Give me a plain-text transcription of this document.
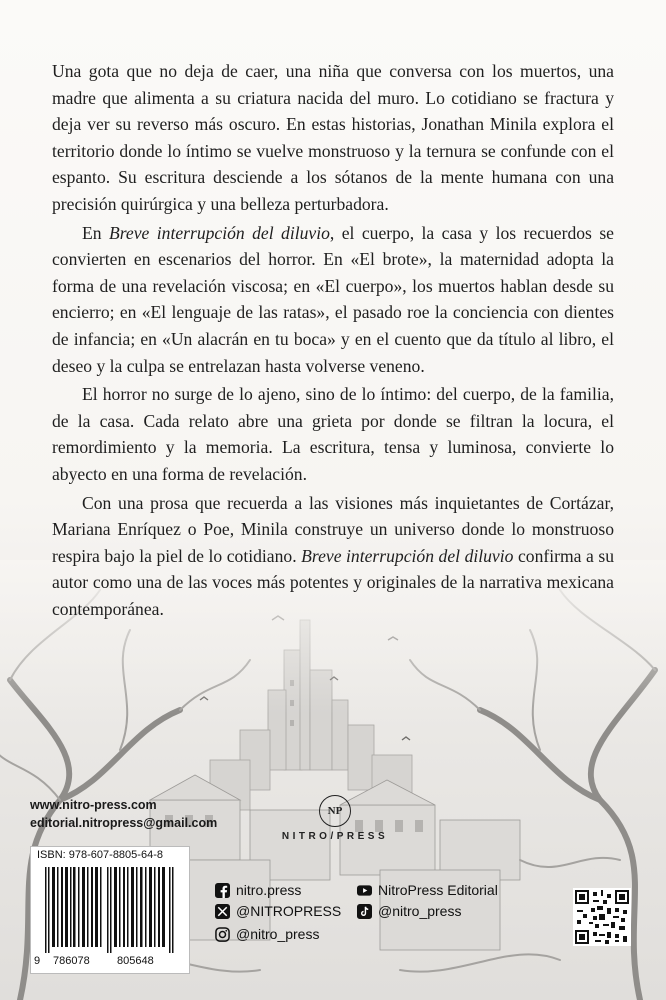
Una gota que no deja de caer, una niña que conversa con los muertos, una madre que alimenta a su criatura nacida del muro. Lo cotidiano se fractura y deja ver su reverso más oscuro. En estas historias, Jonathan Minila explora el territorio donde lo íntimo se vuelve monstruoso y la ternura se confunde con el espanto. Su escritura desciende a los sótanos de la mente humana con una precisión quirúrgica y una belleza perturbadora.

En Breve interrupción del diluvio, el cuerpo, la casa y los recuerdos se convierten en escenarios del horror. En «El brote», la maternidad adopta la forma de una revelación viscosa; en «El cuerpo», los muertos hablan desde su encierro; en «El lenguaje de las ratas», el pasado roe la conciencia con dientes de infancia; en «Un alacrán en tu boca» y en el cuento que da título al libro, el deseo y la culpa se entrelazan hasta volverse veneno.

El horror no surge de lo ajeno, sino de lo íntimo: del cuerpo, de la familia, de la casa. Cada relato abre una grieta por donde se filtran la locura, el remordimiento y la memoria. La escritura, tensa y luminosa, convierte lo abyecto en una forma de revelación.

Con una prosa que recuerda a las visiones más inquietantes de Cortázar, Mariana Enríquez o Poe, Minila construye un universo donde lo monstruoso respira bajo la piel de lo cotidiano. Breve interrupción del diluvio confirma a su autor como una de las voces más potentes y originales de la narrativa mexicana contemporánea.

www.nitro-press.com
editorial.nitropress@gmail.com
NP
NITRO/PRESS
ISBN: 978-607-8805-64-8
9 786078 805648
nitro.press
@NITROPRESS
@nitro_press
NitroPress Editorial
@nitro_press
